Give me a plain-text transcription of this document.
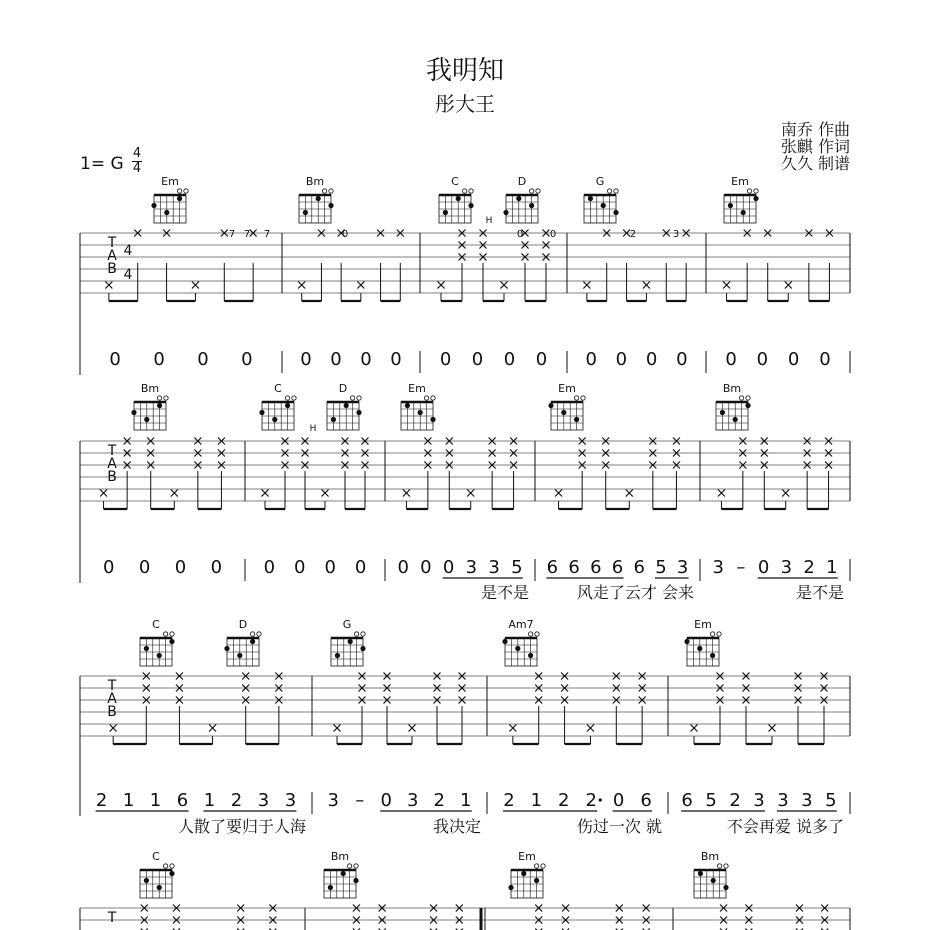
我明知
彤大王
南乔 作曲
张麒 作词
久久 制谱
1= G
4
4
T
A
B
4
4
Em	Bm	C	D	G	Em
7 7 7	0	0	0	2	3
H
0 0 0 0	0 0 0 0 0 0 0 0 0 0 0 0 0 0 0 0
T
A
B
Bm	C	D	Em	Em	Bm
H
0 0 0 0 0 0 0 0 0 0 0 3 3 5
是不是
6 6 6 6 6 5 3
风走了云才 会来
3 – 0 3 2 1
是不是
T
A
B
C	D	G	Am7	Em
2 1 1 6 1 2 3 3
人散了要归于人海
3 – 0 3 2 1
我决定
2 1 2 2 0 6
伤过一次 就
6 5 2 3 3 3 5
不会再爱 说多了
T
C	Bm	Em	Bm
